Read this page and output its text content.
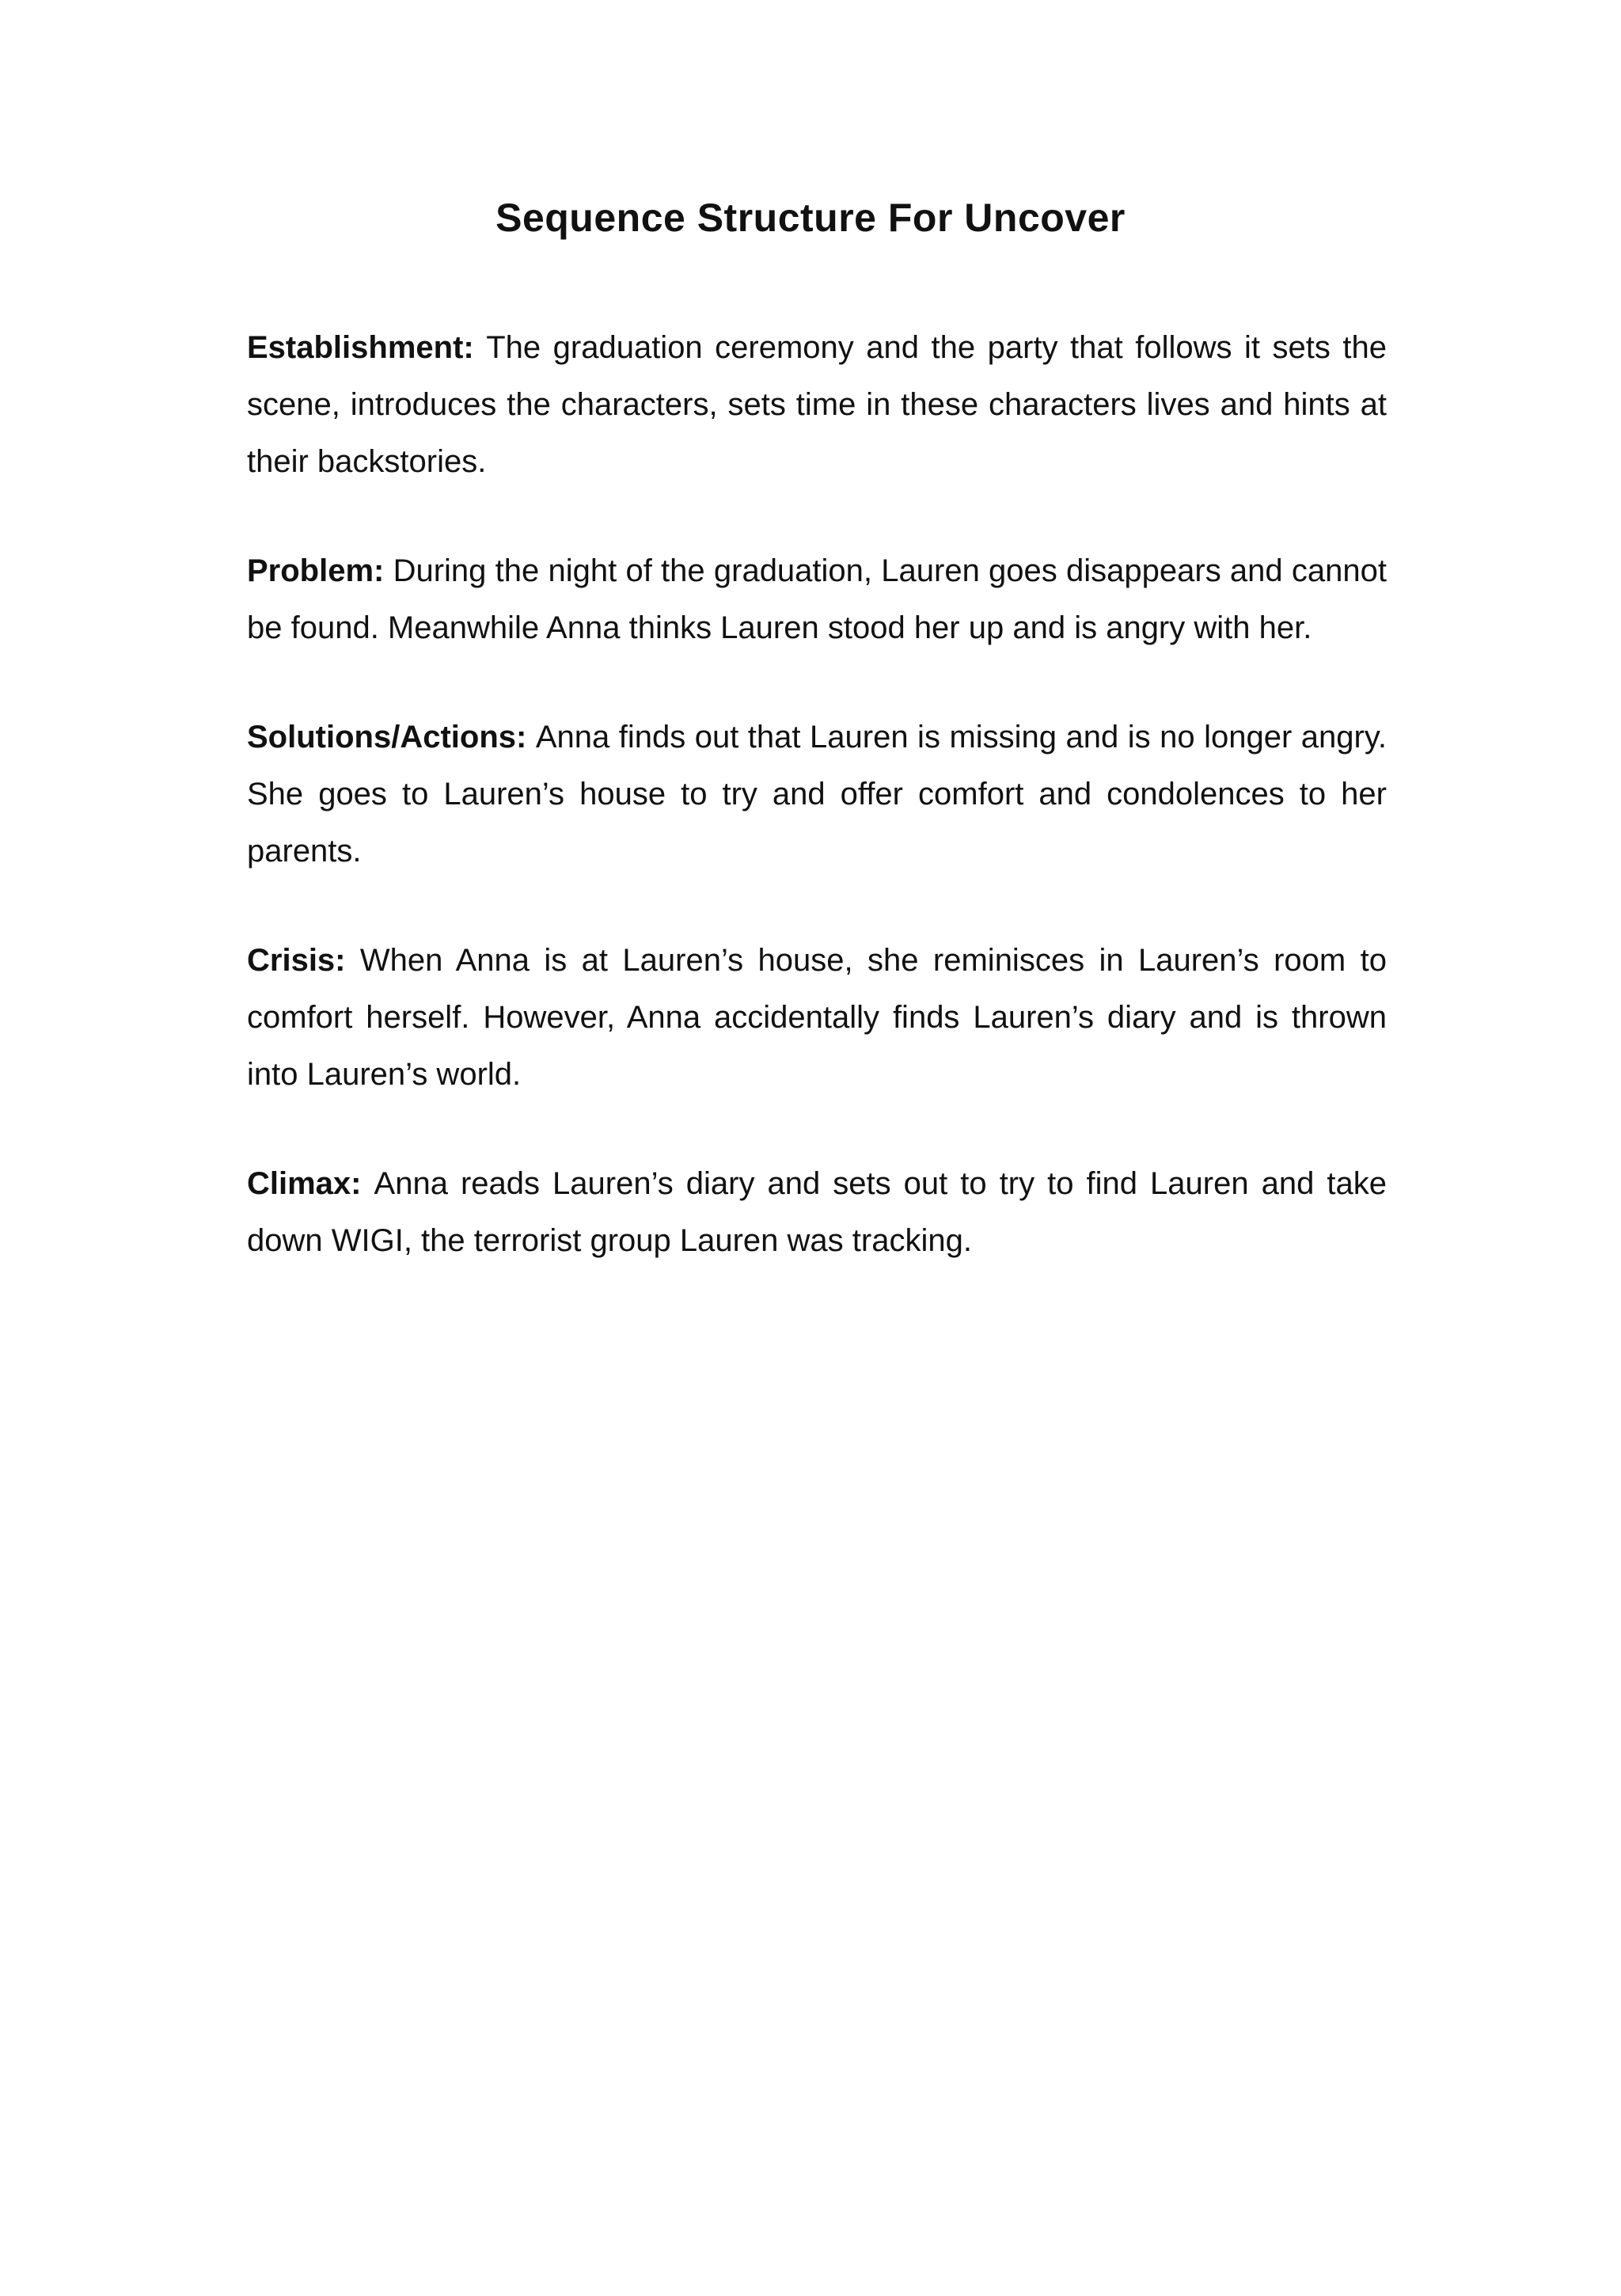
Sequence Structure For Uncover

Establishment: The graduation ceremony and the party that follows it sets the scene, introduces the characters, sets time in these characters lives and hints at their backstories.

Problem: During the night of the graduation, Lauren goes disappears and cannot be found. Meanwhile Anna thinks Lauren stood her up and is angry with her.

Solutions/Actions: Anna finds out that Lauren is missing and is no longer angry. She goes to Lauren’s house to try and offer comfort and condolences to her parents.

Crisis: When Anna is at Lauren’s house, she reminisces in Lauren’s room to comfort herself. However, Anna accidentally finds Lauren’s diary and is thrown into Lauren’s world.

Climax: Anna reads Lauren’s diary and sets out to try to find Lauren and take down WIGI, the terrorist group Lauren was tracking.
